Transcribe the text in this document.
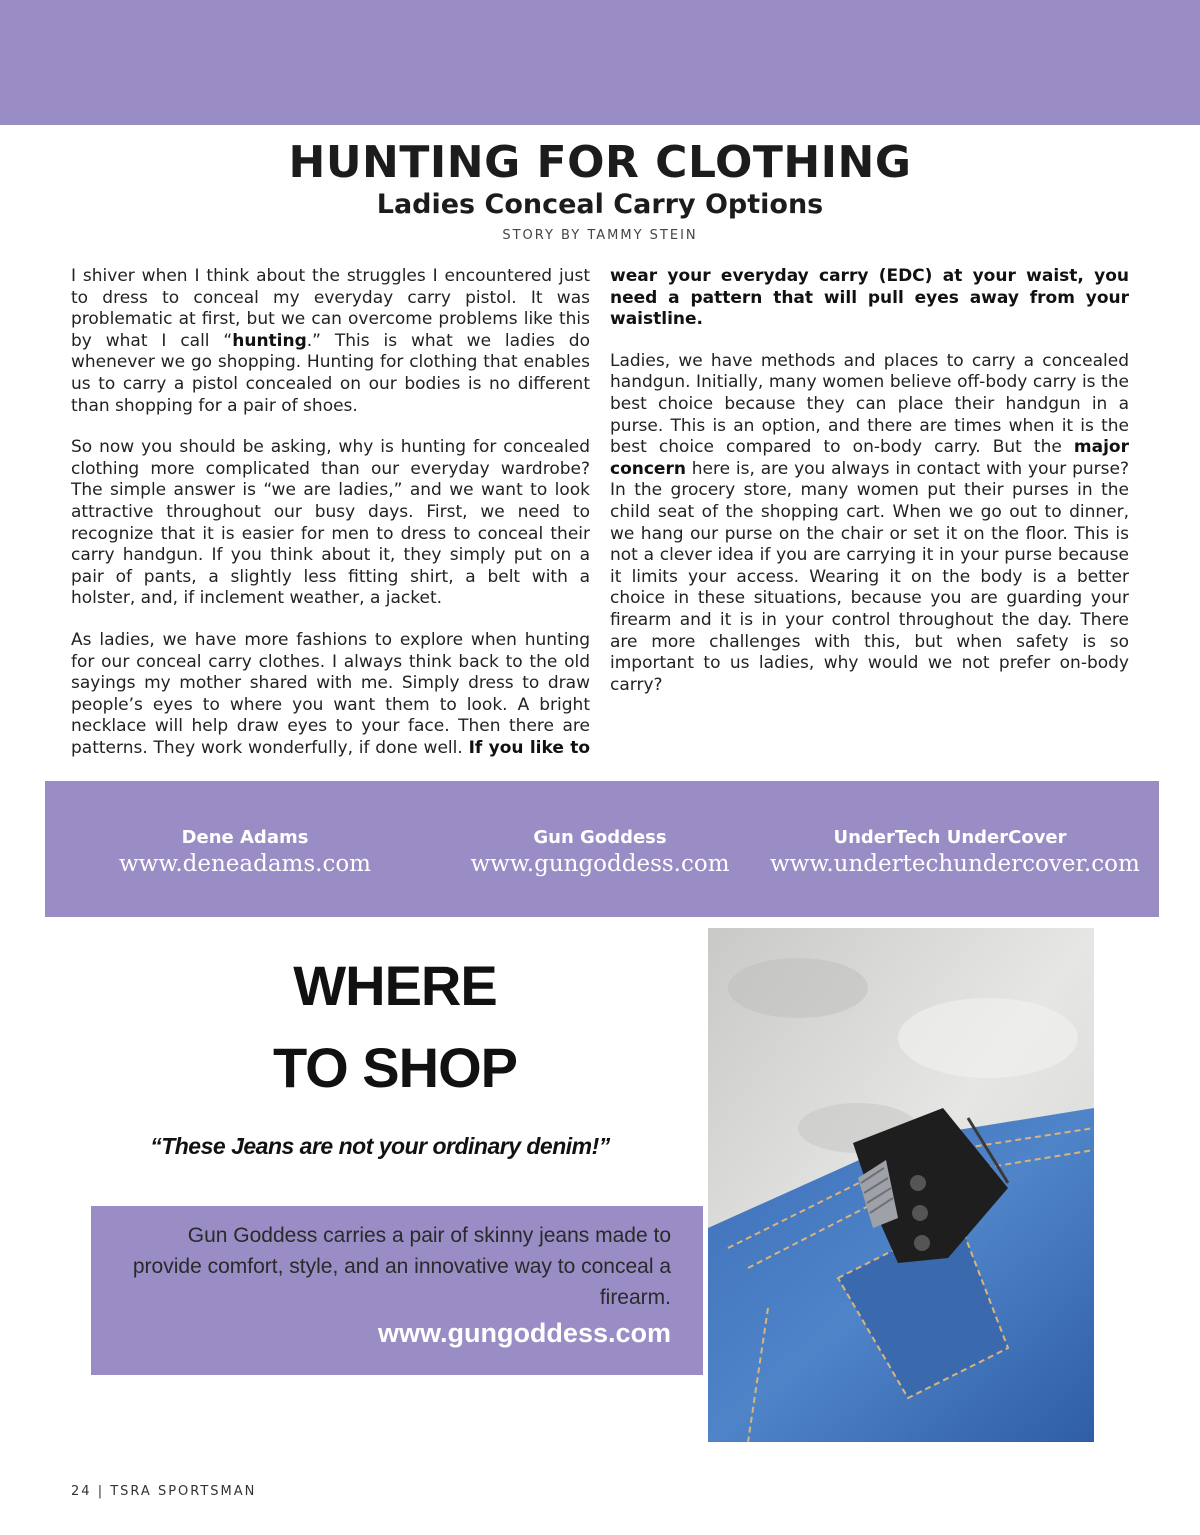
HUNTING FOR CLOTHING
Ladies Conceal Carry Options
STORY BY TAMMY STEIN

I shiver when I think about the struggles I encountered just to dress to conceal my everyday carry pistol. It was problematic at first, but we can overcome problems like this by what I call “hunting.” This is what we ladies do whenever we go shopping. Hunting for clothing that enables us to carry a pistol concealed on our bodies is no different than shopping for a pair of shoes.

So now you should be asking, why is hunting for concealed clothing more complicated than our everyday wardrobe? The simple answer is “we are ladies,” and we want to look attractive throughout our busy days. First, we need to recognize that it is easier for men to dress to conceal their carry handgun. If you think about it, they simply put on a pair of pants, a slightly less fitting shirt, a belt with a holster, and, if inclement weather, a jacket.

As ladies, we have more fashions to explore when hunting for our conceal carry clothes. I always think back to the old sayings my mother shared with me. Simply dress to draw people’s eyes to where you want them to look. A bright necklace will help draw eyes to your face. Then there are patterns. They work wonderfully, if done well. If you like to wear your everyday carry (EDC) at your waist, you need a pattern that will pull eyes away from your waistline.

Ladies, we have methods and places to carry a concealed handgun. Initially, many women believe off-body carry is the best choice because they can place their handgun in a purse. This is an option, and there are times when it is the best choice compared to on-body carry. But the major concern here is, are you always in contact with your purse? In the grocery store, many women put their purses in the child seat of the shopping cart. When we go out to dinner, we hang our purse on the chair or set it on the floor. This is not a clever idea if you are carrying it in your purse because it limits your access. Wearing it on the body is a better choice in these situations, because you are guarding your firearm and it is in your control throughout the day. There are more challenges with this, but when safety is so important to us ladies, why would we not prefer on-body carry?

Dene Adams
www.deneadams.com
Gun Goddess
www.gungoddess.com
UnderTech UnderCover
www.undertechundercover.com
WHERE
TO SHOP
“These Jeans are not your ordinary denim!”
Gun Goddess carries a pair of skinny jeans made to provide comfort, style, and an innovative way to conceal a firearm.
www.gungoddess.com
24 | TSRA SPORTSMAN
